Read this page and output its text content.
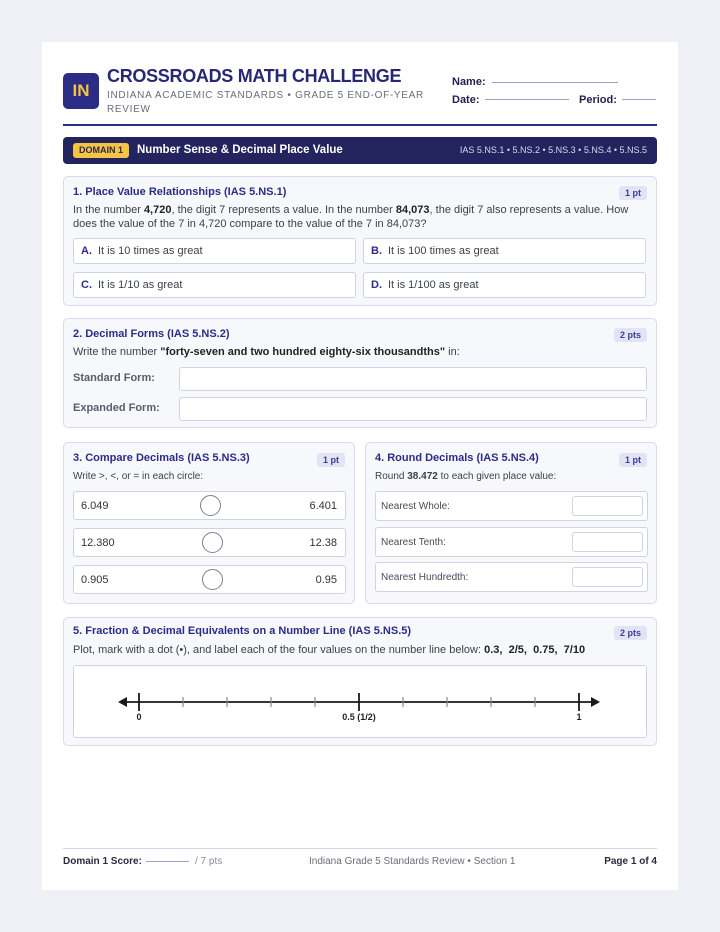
IN
CROSSROADS MATH CHALLENGE
INDIANA ACADEMIC STANDARDS • GRADE 5 END-OF-YEAR REVIEW
Name:
Date:	Period:
DOMAIN 1	Number Sense & Decimal Place Value	IAS 5.NS.1 • 5.NS.2 • 5.NS.3 • 5.NS.4 • 5.NS.5
1. Place Value Relationships (IAS 5.NS.1)	1 pt
In the number 4,720, the digit 7 represents a value. In the number 84,073, the digit 7 also represents a value. How does the value of the 7 in 4,720 compare to the value of the 7 in 84,073?
A. It is 10 times as great	B. It is 100 times as great
C. It is 1/10 as great	D. It is 1/100 as great
2. Decimal Forms (IAS 5.NS.2)	2 pts
Write the number "forty-seven and two hundred eighty-six thousandths" in:
Standard Form:
Expanded Form:
3. Compare Decimals (IAS 5.NS.3)	1 pt
Write >, <, or = in each circle:
6.049	6.401
12.380	12.38
0.905	0.95
4. Round Decimals (IAS 5.NS.4)	1 pt
Round 38.472 to each given place value:
Nearest Whole:
Nearest Tenth:
Nearest Hundredth:
5. Fraction & Decimal Equivalents on a Number Line (IAS 5.NS.5)	2 pts
Plot, mark with a dot (•), and label each of the four values on the number line below: 0.3, 2/5, 0.75, 7/10
0	0.5 (1/2)	1
Domain 1 Score:	/ 7 pts	Indiana Grade 5 Standards Review • Section 1	Page 1 of 4
